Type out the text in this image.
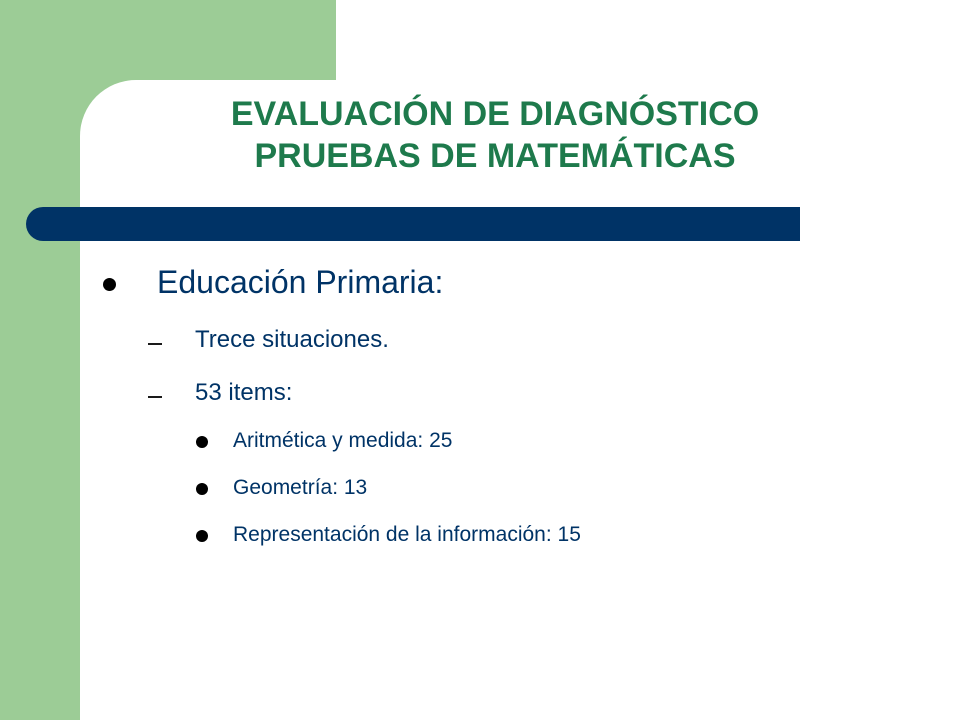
EVALUACIÓN DE DIAGNÓSTICO
PRUEBAS DE MATEMÁTICAS
Educación Primaria:
Trece situaciones.
53 items:
Aritmética y medida: 25
Geometría: 13
Representación de la información: 15
